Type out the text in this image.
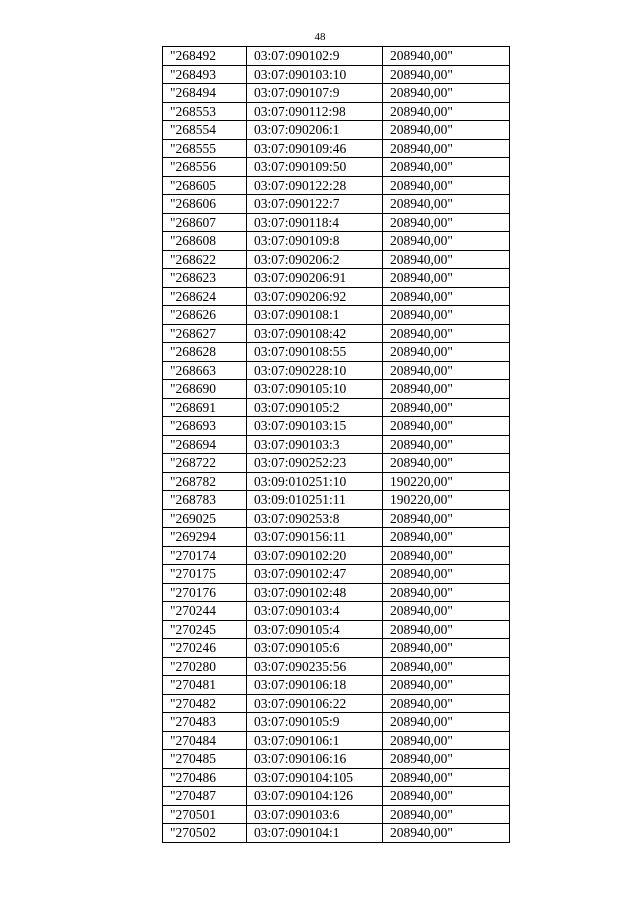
48
"268492	03:07:090102:9	208940,00"
"268493	03:07:090103:10	208940,00"
"268494	03:07:090107:9	208940,00"
"268553	03:07:090112:98	208940,00"
"268554	03:07:090206:1	208940,00"
"268555	03:07:090109:46	208940,00"
"268556	03:07:090109:50	208940,00"
"268605	03:07:090122:28	208940,00"
"268606	03:07:090122:7	208940,00"
"268607	03:07:090118:4	208940,00"
"268608	03:07:090109:8	208940,00"
"268622	03:07:090206:2	208940,00"
"268623	03:07:090206:91	208940,00"
"268624	03:07:090206:92	208940,00"
"268626	03:07:090108:1	208940,00"
"268627	03:07:090108:42	208940,00"
"268628	03:07:090108:55	208940,00"
"268663	03:07:090228:10	208940,00"
"268690	03:07:090105:10	208940,00"
"268691	03:07:090105:2	208940,00"
"268693	03:07:090103:15	208940,00"
"268694	03:07:090103:3	208940,00"
"268722	03:07:090252:23	208940,00"
"268782	03:09:010251:10	190220,00"
"268783	03:09:010251:11	190220,00"
"269025	03:07:090253:8	208940,00"
"269294	03:07:090156:11	208940,00"
"270174	03:07:090102:20	208940,00"
"270175	03:07:090102:47	208940,00"
"270176	03:07:090102:48	208940,00"
"270244	03:07:090103:4	208940,00"
"270245	03:07:090105:4	208940,00"
"270246	03:07:090105:6	208940,00"
"270280	03:07:090235:56	208940,00"
"270481	03:07:090106:18	208940,00"
"270482	03:07:090106:22	208940,00"
"270483	03:07:090105:9	208940,00"
"270484	03:07:090106:1	208940,00"
"270485	03:07:090106:16	208940,00"
"270486	03:07:090104:105	208940,00"
"270487	03:07:090104:126	208940,00"
"270501	03:07:090103:6	208940,00"
"270502	03:07:090104:1	208940,00"
